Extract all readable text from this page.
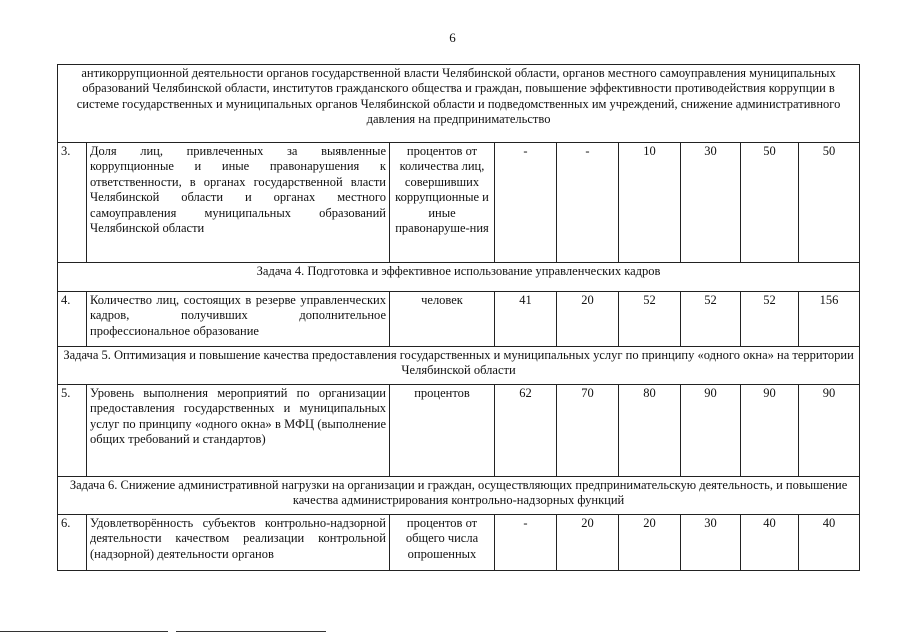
6
антикоррупционной деятельности органов государственной власти Челябинской области, органов местного самоуправления муниципальных образований Челябинской области, институтов гражданского общества и граждан, повышение эффективности противодействия коррупции в системе государственных и муниципальных органов Челябинской области и подведомственных им учреждений, снижение административного давления на предпринимательство								
3.	Доля лиц, привлеченных за выявленные коррупционные и иные правонарушения к ответственности, в органах государственной власти Челябинской области и органах местного самоуправления муниципальных образований Челябинской области	процентов от количества лиц, совершивших коррупционные и иные правонаруше-ния	-	-	10	30	50	50
Задача 4. Подготовка и эффективное использование управленческих кадров								
4.	Количество лиц, состоящих в резерве управленческих кадров, получивших дополнительное профессиональное образование	человек	41	20	52	52	52	156
Задача 5. Оптимизация и повышение качества предоставления государственных и муниципальных услуг по принципу «одного окна» на территории Челябинской области								
5.	Уровень выполнения мероприятий по организации предоставления государственных и муниципальных услуг по принципу «одного окна» в МФЦ (выполнение общих требований и стандартов)	процентов	62	70	80	90	90	90
Задача 6. Снижение административной нагрузки на организации и граждан, осуществляющих предпринимательскую деятельность, и повышение качества администрирования контрольно-надзорных функций								
6.	Удовлетворённость субъектов контрольно-надзорной деятельности качеством реализации контрольной (надзорной) деятельности органов	процентов от общего числа опрошенных	-	20	20	30	40	40
